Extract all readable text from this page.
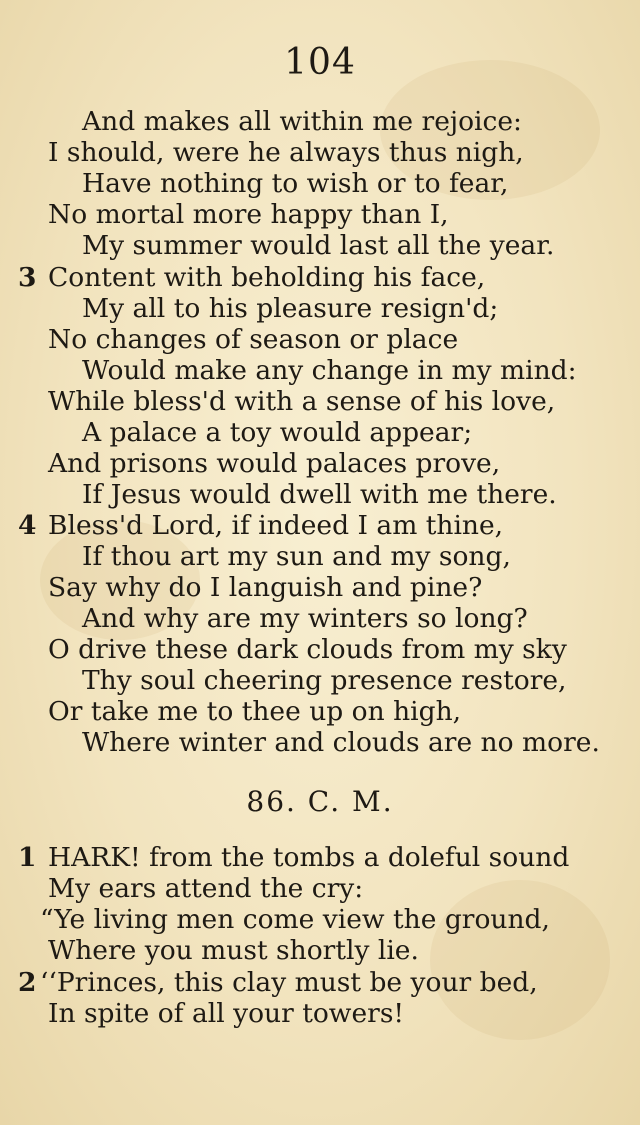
104
And makes all within me rejoice:
I should, were he always thus nigh,
Have nothing to wish or to fear,
No mortal more happy than I,
My summer would last all the year.
3 Content with beholding his face,
My all to his pleasure resign'd;
No changes of season or place
Would make any change in my mind:
While bless'd with a sense of his love,
A palace a toy would appear;
And prisons would palaces prove,
If Jesus would dwell with me there.
4 Bless'd Lord, if indeed I am thine,
If thou art my sun and my song,
Say why do I languish and pine?
And why are my winters so long?
O drive these dark clouds from my sky
Thy soul cheering presence restore,
Or take me to thee up on high,
Where winter and clouds are no more.
86. C. M.
1 HARK! from the tombs a doleful sound
My ears attend the cry:
“Ye living men come view the ground,
Where you must shortly lie.
2 ‘‘Princes, this clay must be your bed,
In spite of all your towers!
